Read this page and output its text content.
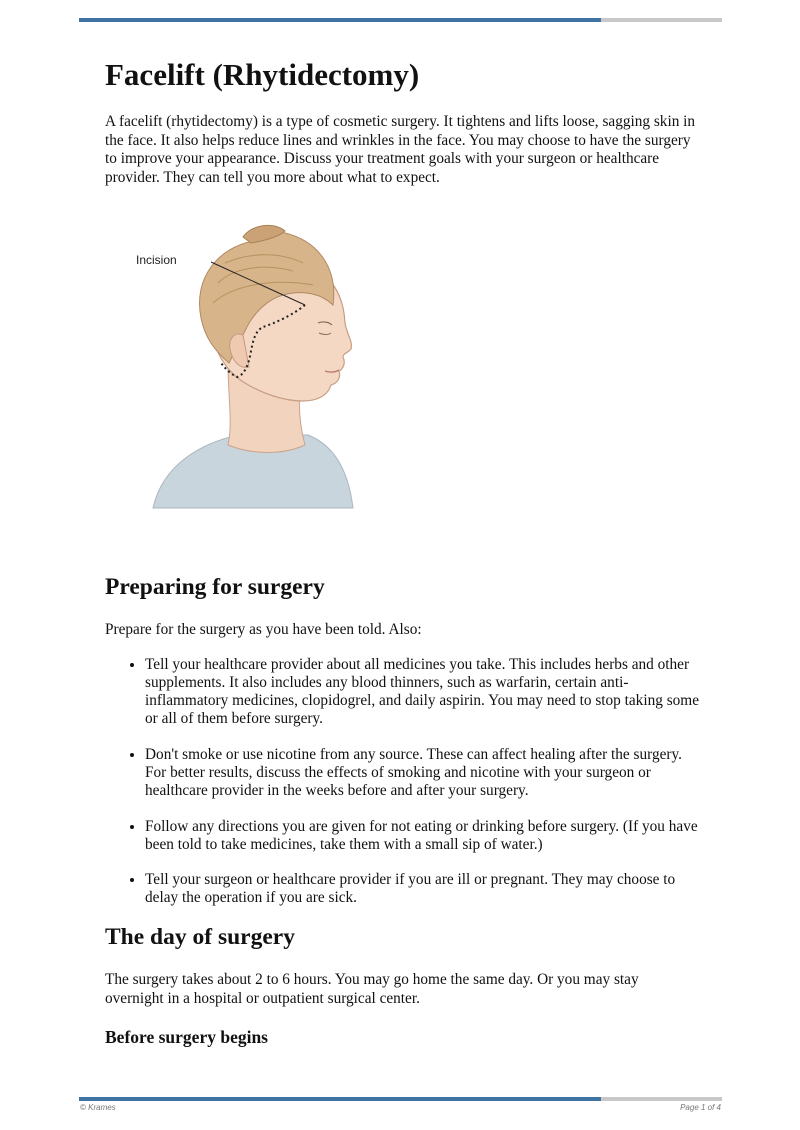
Facelift (Rhytidectomy)

A facelift (rhytidectomy) is a type of cosmetic surgery. It tightens and lifts loose, sagging skin in the face. It also helps reduce lines and wrinkles in the face. You may choose to have the surgery to improve your appearance. Discuss your treatment goals with your surgeon or healthcare provider. They can tell you more about what to expect.

Incision
Preparing for surgery

Prepare for the surgery as you have been told. Also:

• Tell your healthcare provider about all medicines you take. This includes herbs and other supplements. It also includes any blood thinners, such as warfarin, certain anti-inflammatory medicines, clopidogrel, and daily aspirin. You may need to stop taking some or all of them before surgery.
• Don't smoke or use nicotine from any source. These can affect healing after the surgery. For better results, discuss the effects of smoking and nicotine with your surgeon or healthcare provider in the weeks before and after your surgery.
• Follow any directions you are given for not eating or drinking before surgery. (If you have been told to take medicines, take them with a small sip of water.)
• Tell your surgeon or healthcare provider if you are ill or pregnant. They may choose to delay the operation if you are sick.
The day of surgery

The surgery takes about 2 to 6 hours. You may go home the same day. Or you may stay overnight in a hospital or outpatient surgical center.

Before surgery begins
© Krames	Page 1 of 4
